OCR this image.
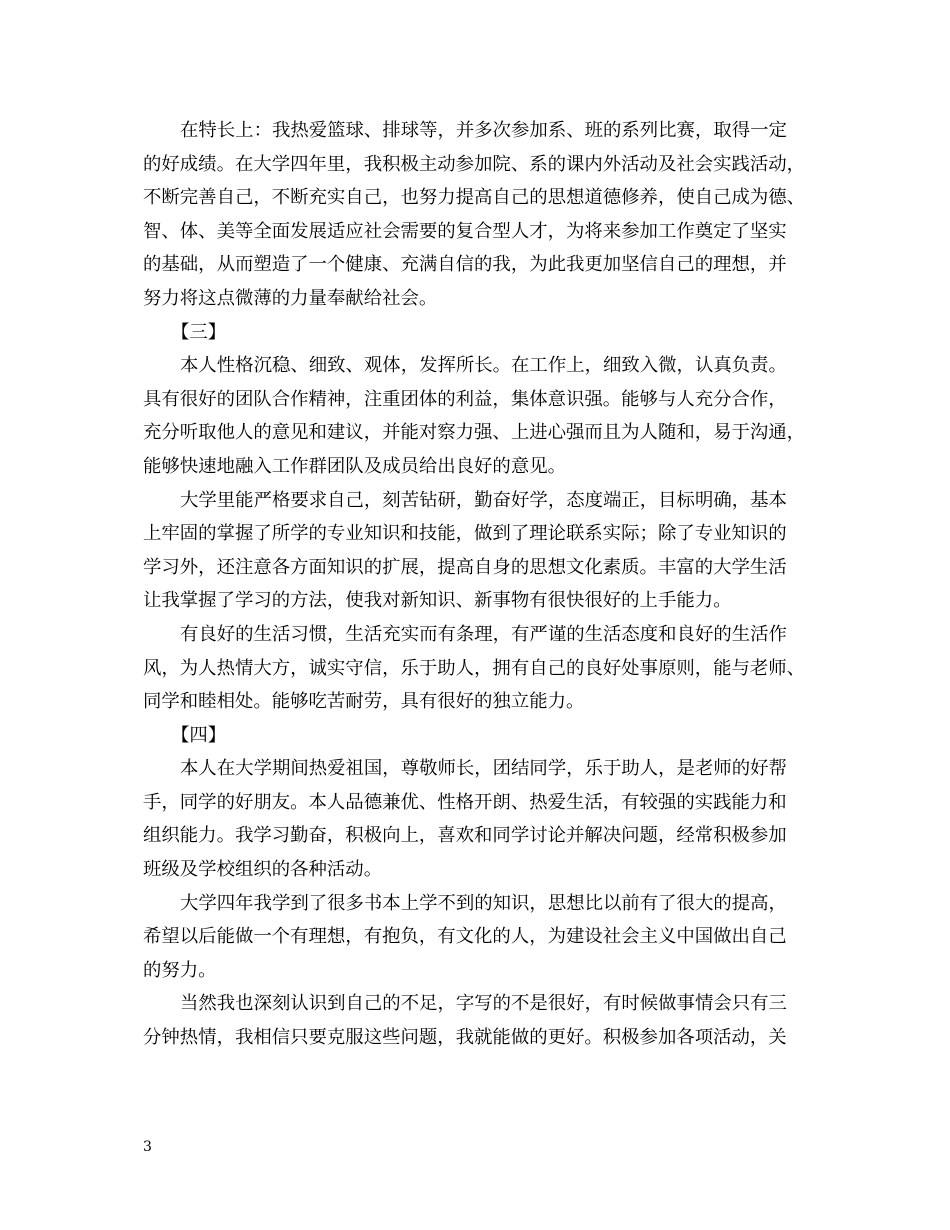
在特长上：我热爱篮球、排球等，并多次参加系、班的系列比赛，取得一定
的好成绩。在大学四年里，我积极主动参加院、系的课内外活动及社会实践活动，
不断完善自己，不断充实自己，也努力提高自己的思想道德修养，使自己成为德、
智、体、美等全面发展适应社会需要的复合型人才，为将来参加工作奠定了坚实
的基础，从而塑造了一个健康、充满自信的我，为此我更加坚信自己的理想，并
努力将这点微薄的力量奉献给社会。
【三】
本人性格沉稳、细致、观体，发挥所长。在工作上，细致入微，认真负责。
具有很好的团队合作精神，注重团体的利益，集体意识强。能够与人充分合作，
充分听取他人的意见和建议，并能对察力强、上进心强而且为人随和，易于沟通，
能够快速地融入工作群团队及成员给出良好的意见。
大学里能严格要求自己，刻苦钻研，勤奋好学，态度端正，目标明确，基本
上牢固的掌握了所学的专业知识和技能，做到了理论联系实际；除了专业知识的
学习外，还注意各方面知识的扩展，提高自身的思想文化素质。丰富的大学生活
让我掌握了学习的方法，使我对新知识、新事物有很快很好的上手能力。
有良好的生活习惯，生活充实而有条理，有严谨的生活态度和良好的生活作
风，为人热情大方，诚实守信，乐于助人，拥有自己的良好处事原则，能与老师、
同学和睦相处。能够吃苦耐劳，具有很好的独立能力。
【四】
本人在大学期间热爱祖国，尊敬师长，团结同学，乐于助人，是老师的好帮
手，同学的好朋友。本人品德兼优、性格开朗、热爱生活，有较强的实践能力和
组织能力。我学习勤奋，积极向上，喜欢和同学讨论并解决问题，经常积极参加
班级及学校组织的各种活动。
大学四年我学到了很多书本上学不到的知识，思想比以前有了很大的提高，
希望以后能做一个有理想，有抱负，有文化的人，为建设社会主义中国做出自己
的努力。
当然我也深刻认识到自己的不足，字写的不是很好，有时候做事情会只有三
分钟热情，我相信只要克服这些问题，我就能做的更好。积极参加各项活动，关
3
